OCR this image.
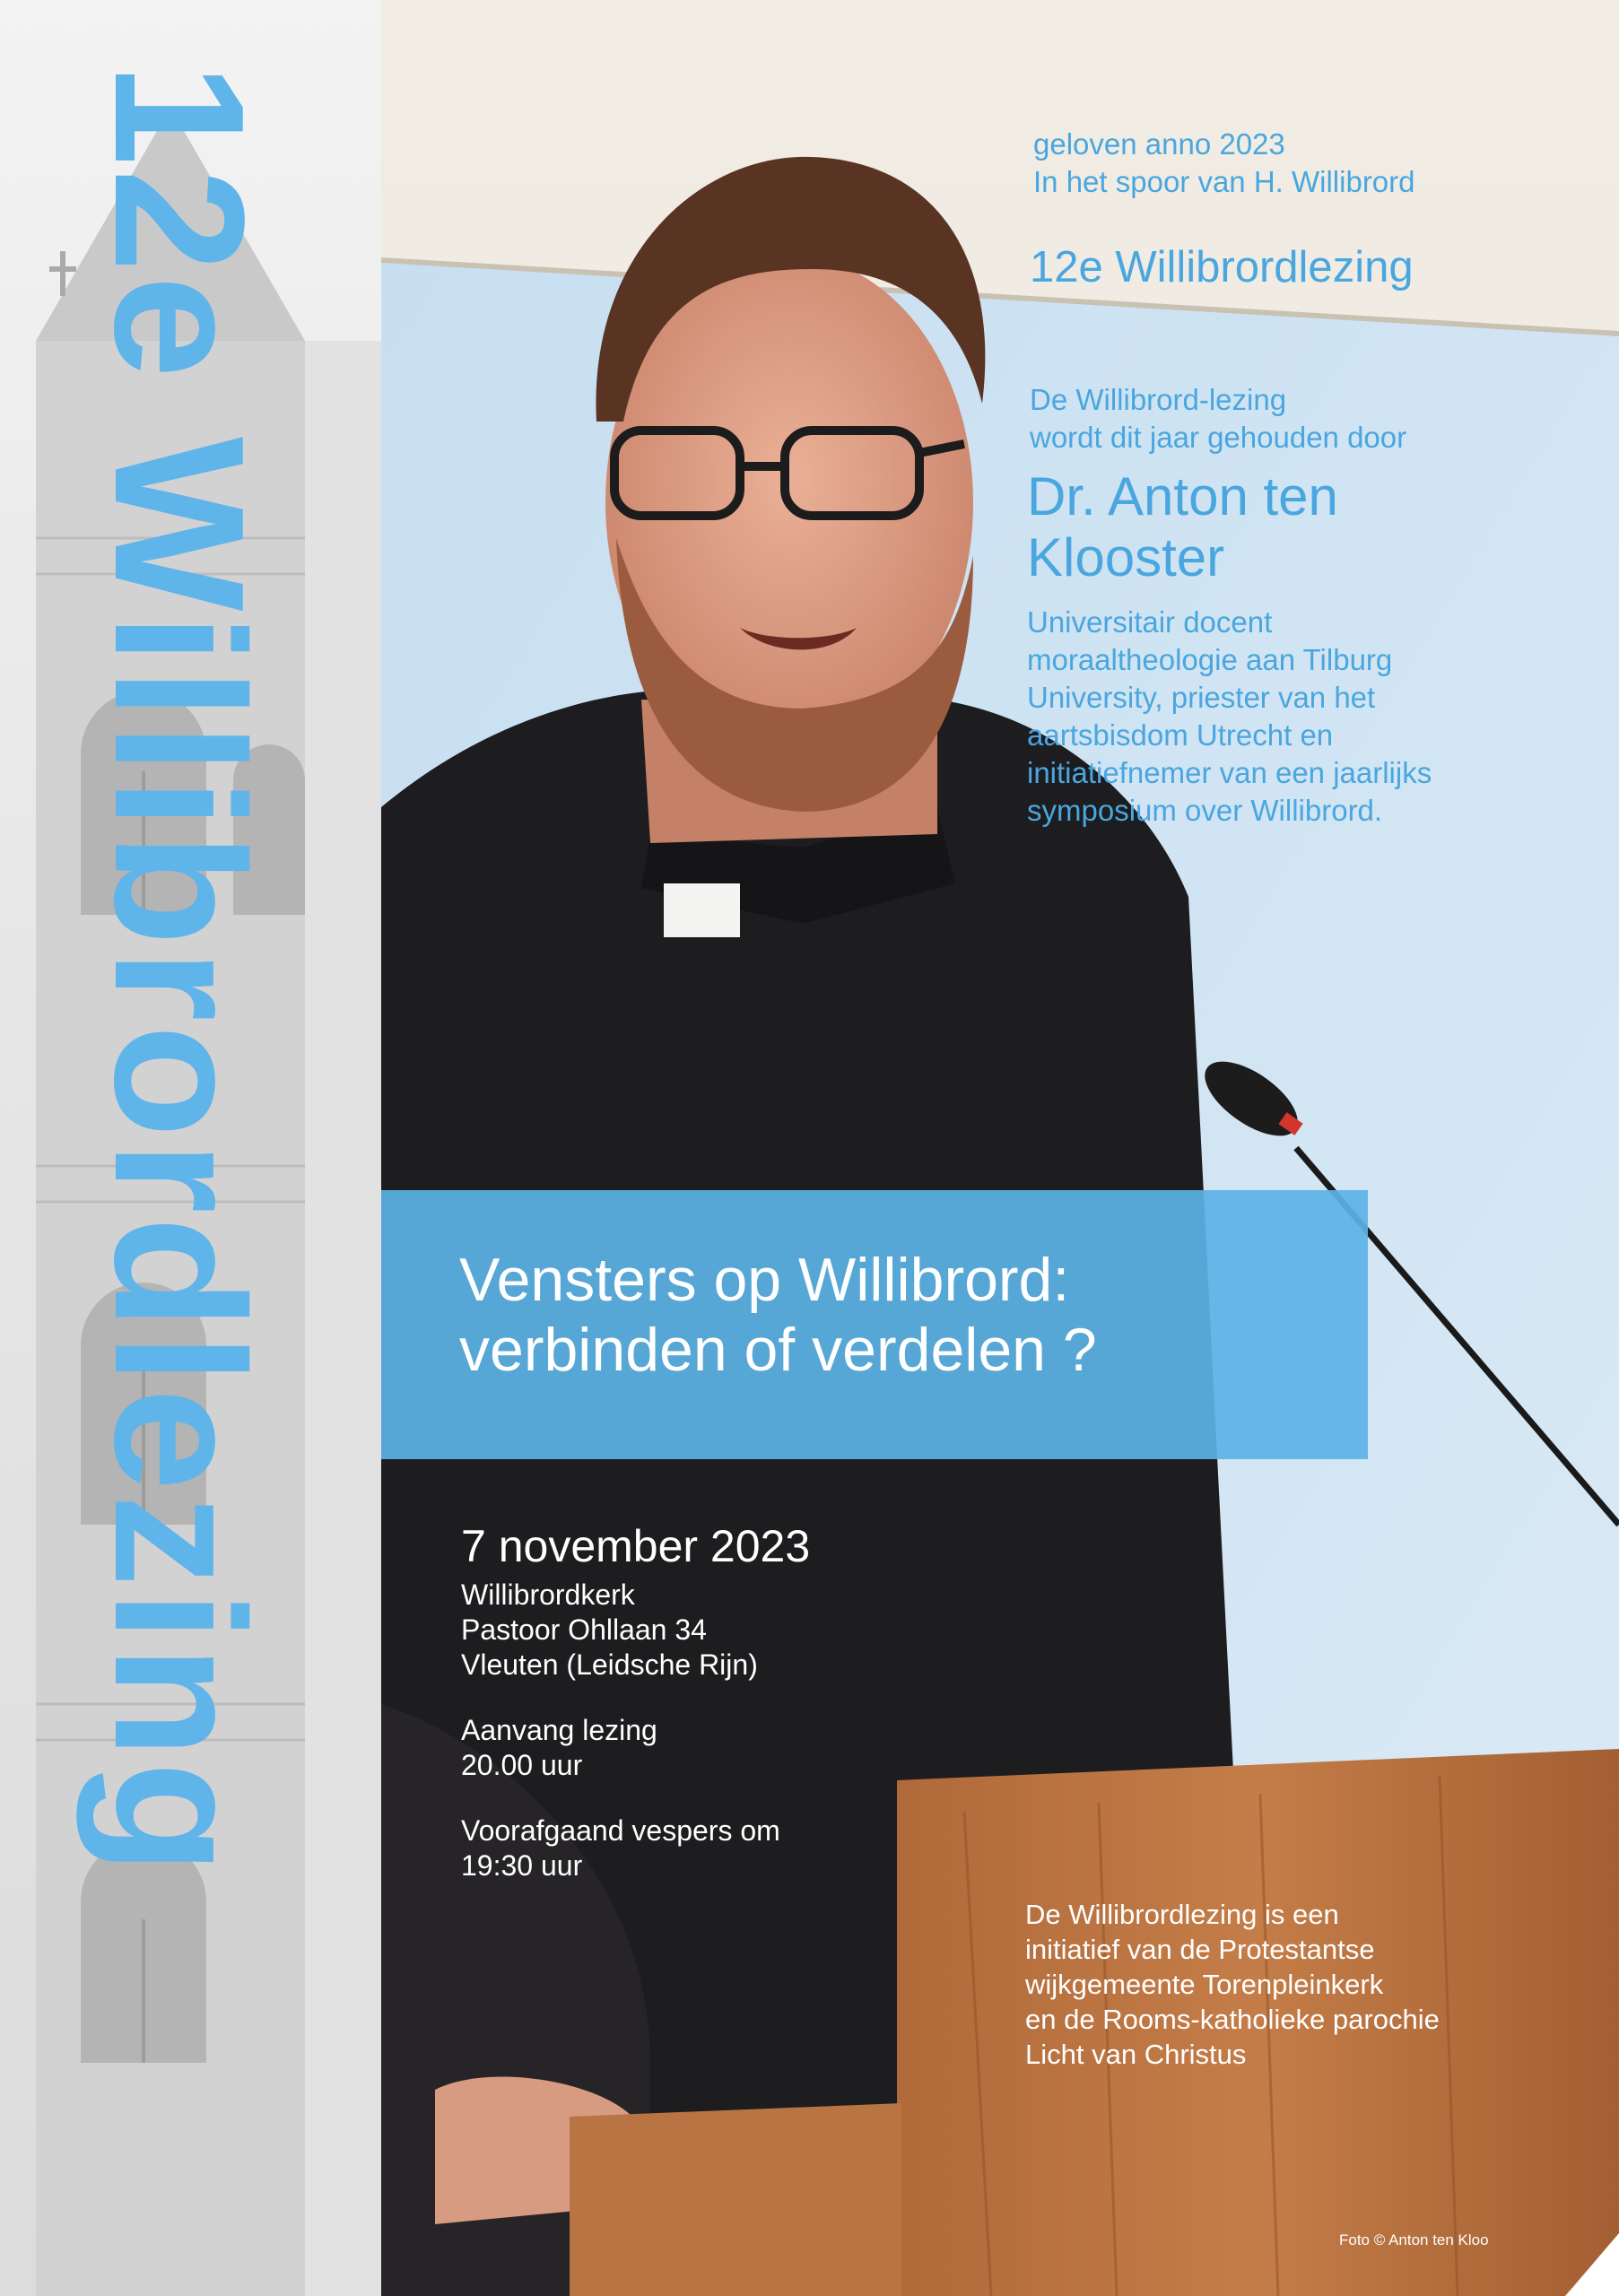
12e Willibrordlezing	geloven anno 2023
In het spoor van H. Willibrord
12e Willibrordlezing
De Willibrord-lezing
wordt dit jaar gehouden door
Dr. Anton ten
Klooster
Universitair docent
moraaltheologie aan Tilburg
University, priester van het
aartsbisdom Utrecht en
initiatiefnemer van een jaarlijks
symposium over Willibrord.
Vensters op Willibrord:
verbinden of verdelen ?
7 november 2023
Willibrordkerk
Pastoor Ohllaan 34
Vleuten (Leidsche Rijn)
Aanvang lezing
20.00 uur
Voorafgaand vespers om
19:30 uur
De Willibrordlezing is een
initiatief van de Protestantse
wijkgemeente Torenpleinkerk
en de Rooms-katholieke parochie
Licht van Christus
Foto © Anton ten Kloo
